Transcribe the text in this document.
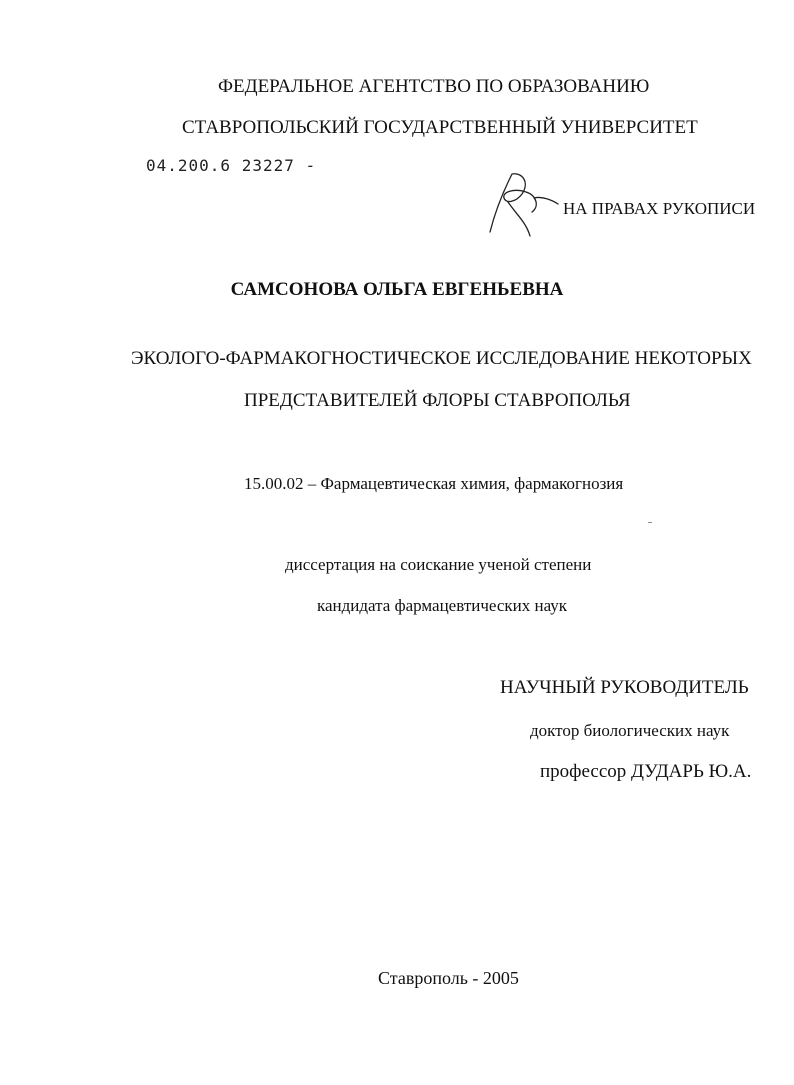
ФЕДЕРАЛЬНОЕ АГЕНТСТВО ПО ОБРАЗОВАНИЮ
СТАВРОПОЛЬСКИЙ ГОСУДАРСТВЕННЫЙ УНИВЕРСИТЕТ
04.200.6 23227 -
НА ПРАВАХ РУКОПИСИ
САМСОНОВА ОЛЬГА ЕВГЕНЬЕВНА
ЭКОЛОГО-ФАРМАКОГНОСТИЧЕСКОЕ ИССЛЕДОВАНИЕ НЕКОТОРЫХ
ПРЕДСТАВИТЕЛЕЙ ФЛОРЫ СТАВРОПОЛЬЯ
15.00.02 – Фармацевтическая химия, фармакогнозия
диссертация на соискание ученой степени
кандидата фармацевтических наук
НАУЧНЫЙ РУКОВОДИТЕЛЬ
доктор биологических наук
профессор ДУДАРЬ Ю.А.
Ставрополь - 2005
